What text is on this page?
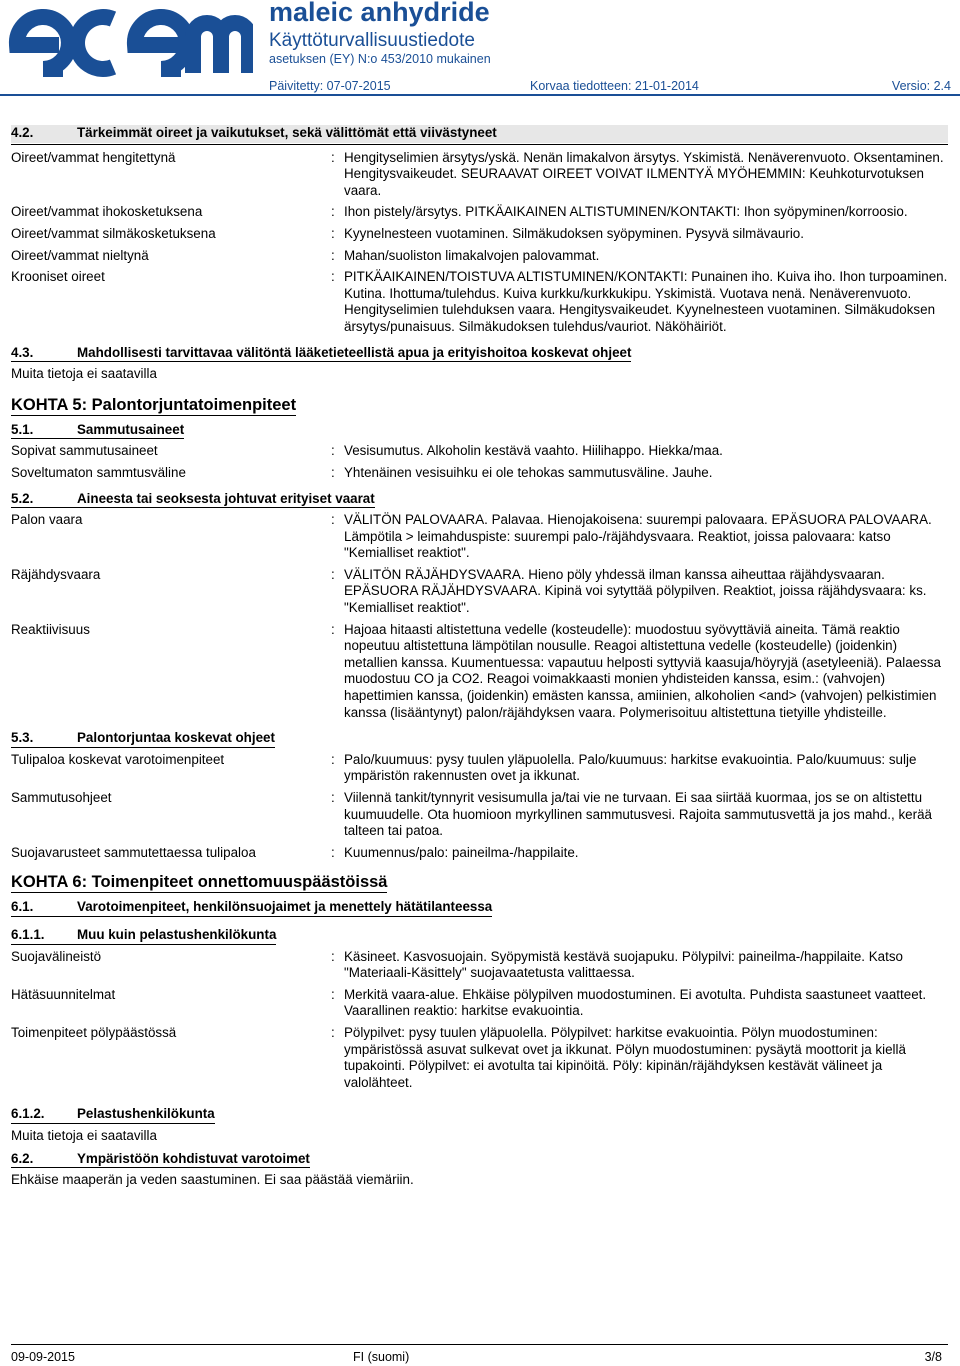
maleic anhydride
Käyttöturvallisuustiedote
asetuksen (EY) N:o 453/2010 mukainen
Päivitetty: 07-07-2015	Korvaa tiedotteen: 21-01-2014	Versio: 2.4
4.2.	Tärkeimmät oireet ja vaikutukset, sekä välittömät että viivästyneet
Oireet/vammat hengitettynä	: Hengityselimien ärsytys/yskä. Nenän limakalvon ärsytys. Yskimistä. Nenäverenvuoto. Oksentaminen. Hengitysvaikeudet. SEURAAVAT OIREET VOIVAT ILMENTYÄ MYÖHEMMIN: Keuhkoturvotuksen vaara.
Oireet/vammat ihokosketuksena	: Ihon pistely/ärsytys. PITKÄAIKAINEN ALTISTUMINEN/KONTAKTI: Ihon syöpyminen/korroosio.
Oireet/vammat silmäkosketuksena	: Kyynelnesteen vuotaminen. Silmäkudoksen syöpyminen. Pysyvä silmävaurio.
Oireet/vammat nieltynä	: Mahan/suoliston limakalvojen palovammat.
Krooniset oireet	: PITKÄAIKAINEN/TOISTUVA ALTISTUMINEN/KONTAKTI: Punainen iho. Kuiva iho. Ihon turpoaminen. Kutina. Ihottuma/tulehdus. Kuiva kurkku/kurkkukipu. Yskimistä. Vuotava nenä. Nenäverenvuoto. Hengityselimien tulehduksen vaara. Hengitysvaikeudet. Kyynelnesteen vuotaminen. Silmäkudoksen ärsytys/punaisuus. Silmäkudoksen tulehdus/vauriot. Näköhäiriöt.
4.3.	Mahdollisesti tarvittavaa välitöntä lääketieteellistä apua ja erityishoitoa koskevat ohjeet
Muita tietoja ei saatavilla
KOHTA 5: Palontorjuntatoimenpiteet
5.1.	Sammutusaineet
Sopivat sammutusaineet	: Vesisumutus. Alkoholin kestävä vaahto. Hiilihappo. Hiekka/maa.
Soveltumaton sammtusväline	: Yhtenäinen vesisuihku ei ole tehokas sammutusväline. Jauhe.
5.2.	Aineesta tai seoksesta johtuvat erityiset vaarat
Palon vaara	: VÄLITÖN PALOVAARA. Palavaa. Hienojakoisena: suurempi palovaara. EPÄSUORA PALOVAARA. Lämpötila > leimahduspiste: suurempi palo-/räjähdysvaara. Reaktiot, joissa palovaara: katso "Kemialliset reaktiot".
Räjähdysvaara	: VÄLITÖN RÄJÄHDYSVAARA. Hieno pöly yhdessä ilman kanssa aiheuttaa räjähdysvaaran. EPÄSUORA RÄJÄHDYSVAARA. Kipinä voi sytyttää pölypilven. Reaktiot, joissa räjähdysvaara: ks. "Kemialliset reaktiot".
Reaktiivisuus	: Hajoaa hitaasti altistettuna vedelle (kosteudelle): muodostuu syövyttäviä aineita. Tämä reaktio nopeutuu altistettuna lämpötilan nousulle. Reagoi altistettuna vedelle (kosteudelle) (joidenkin) metallien kanssa. Kuumentuessa: vapautuu helposti syttyviä kaasuja/höyryjä (asetyleeniä). Palaessa muodostuu CO ja CO2. Reagoi voimakkaasti monien yhdisteiden kanssa, esim.: (vahvojen) hapettimien kanssa, (joidenkin) emästen kanssa, amiinien, alkoholien <and> (vahvojen) pelkistimien kanssa (lisääntynyt) palon/räjähdyksen vaara. Polymerisoituu altistettuna tietyille yhdisteille.
5.3.	Palontorjuntaa koskevat ohjeet
Tulipaloa koskevat varotoimenpiteet	: Palo/kuumuus: pysy tuulen yläpuolella. Palo/kuumuus: harkitse evakuointia. Palo/kuumuus: sulje ympäristön rakennusten ovet ja ikkunat.
Sammutusohjeet	: Viilennä tankit/tynnyrit vesisumulla ja/tai vie ne turvaan. Ei saa siirtää kuormaa, jos se on altistettu kuumuudelle. Ota huomioon myrkyllinen sammutusvesi. Rajoita sammutusvettä ja jos mahd., kerää talteen tai patoa.
Suojavarusteet sammutettaessa tulipaloa	: Kuumennus/palo: paineilma-/happilaite.
KOHTA 6: Toimenpiteet onnettomuuspäästöissä
6.1.	Varotoimenpiteet, henkilönsuojaimet ja menettely hätätilanteessa
6.1.1. Muu kuin pelastushenkilökunta
Suojavälineistö	: Käsineet. Kasvosuojain. Syöpymistä kestävä suojapuku. Pölypilvi: paineilma-/happilaite. Katso "Materiaali-Käsittely" suojavaatetusta valittaessa.
Hätäsuunnitelmat	: Merkitä vaara-alue. Ehkäise pölypilven muodostuminen. Ei avotulta. Puhdista saastuneet vaatteet. Vaarallinen reaktio: harkitse evakuointia.
Toimenpiteet pölypäästössä	: Pölypilvet: pysy tuulen yläpuolella. Pölypilvet: harkitse evakuointia. Pölyn muodostuminen: ympäristössä asuvat sulkevat ovet ja ikkunat. Pölyn muodostuminen: pysäytä moottorit ja kiellä tupakointi. Pölypilvet: ei avotulta tai kipinöitä. Pöly: kipinän/räjähdyksen kestävät välineet ja valolähteet.
6.1.2. Pelastushenkilökunta
Muita tietoja ei saatavilla
6.2.	Ympäristöön kohdistuvat varotoimet
Ehkäise maaperän ja veden saastuminen. Ei saa päästää viemäriin.
09-09-2015	FI (suomi)	3/8
